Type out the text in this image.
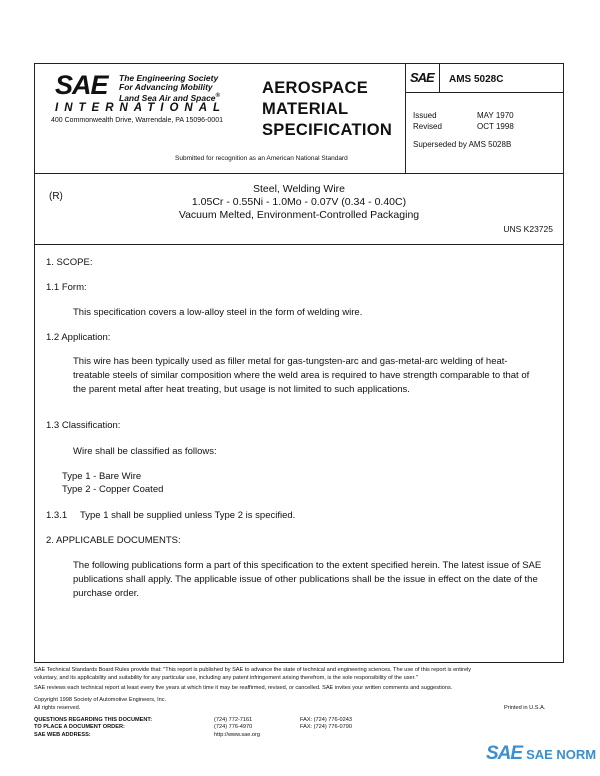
SAE The Engineering Society
For Advancing Mobility
Land Sea Air and Space®
INTERNATIONAL
400 Commonwealth Drive, Warrendale, PA 15096-0001
AEROSPACE
MATERIAL
SPECIFICATION
Submitted for recognition as an American National Standard
SAE AMS 5028C
Issued	MAY 1970
Revised	OCT 1998
Superseded by AMS 5028B
(R)
Steel, Welding Wire
1.05Cr - 0.55Ni - 1.0Mo - 0.07V (0.34 - 0.40C)
Vacuum Melted, Environment-Controlled Packaging
UNS K23725
1. SCOPE:
1.1 Form:
This specification covers a low-alloy steel in the form of welding wire.
1.2 Application:
This wire has been typically used as filler metal for gas-tungsten-arc and gas-metal-arc welding of heat-treatable steels of similar composition where the weld area is required to have strength comparable to that of the parent metal after heat treating, but usage is not limited to such applications.
1.3 Classification:
Wire shall be classified as follows:
Type 1 - Bare Wire
Type 2 - Copper Coated
1.3.1 Type 1 shall be supplied unless Type 2 is specified.
2. APPLICABLE DOCUMENTS:
The following publications form a part of this specification to the extent specified herein. The latest issue of SAE publications shall apply. The applicable issue of other publications shall be the issue in effect on the date of the purchase order.
SAE Technical Standards Board Rules provide that: "This report is published by SAE to advance the state of technical and engineering sciences. The use of this report is entirely
voluntary, and its applicability and suitability for any particular use, including any patent infringement arising therefrom, is the sole responsibility of the user."
SAE reviews each technical report at least every five years at which time it may be reaffirmed, revised, or cancelled. SAE invites your written comments and suggestions.
Copyright 1998 Society of Automotive Engineers, Inc.
All rights reserved.	Printed in U.S.A.
QUESTIONS REGARDING THIS DOCUMENT:	(724) 772-7161	FAX: (724) 776-0243
TO PLACE A DOCUMENT ORDER:	(724) 776-4970	FAX: (724) 776-0790
SAE WEB ADDRESS:	http://www.sae.org
SAE SAE NORM
